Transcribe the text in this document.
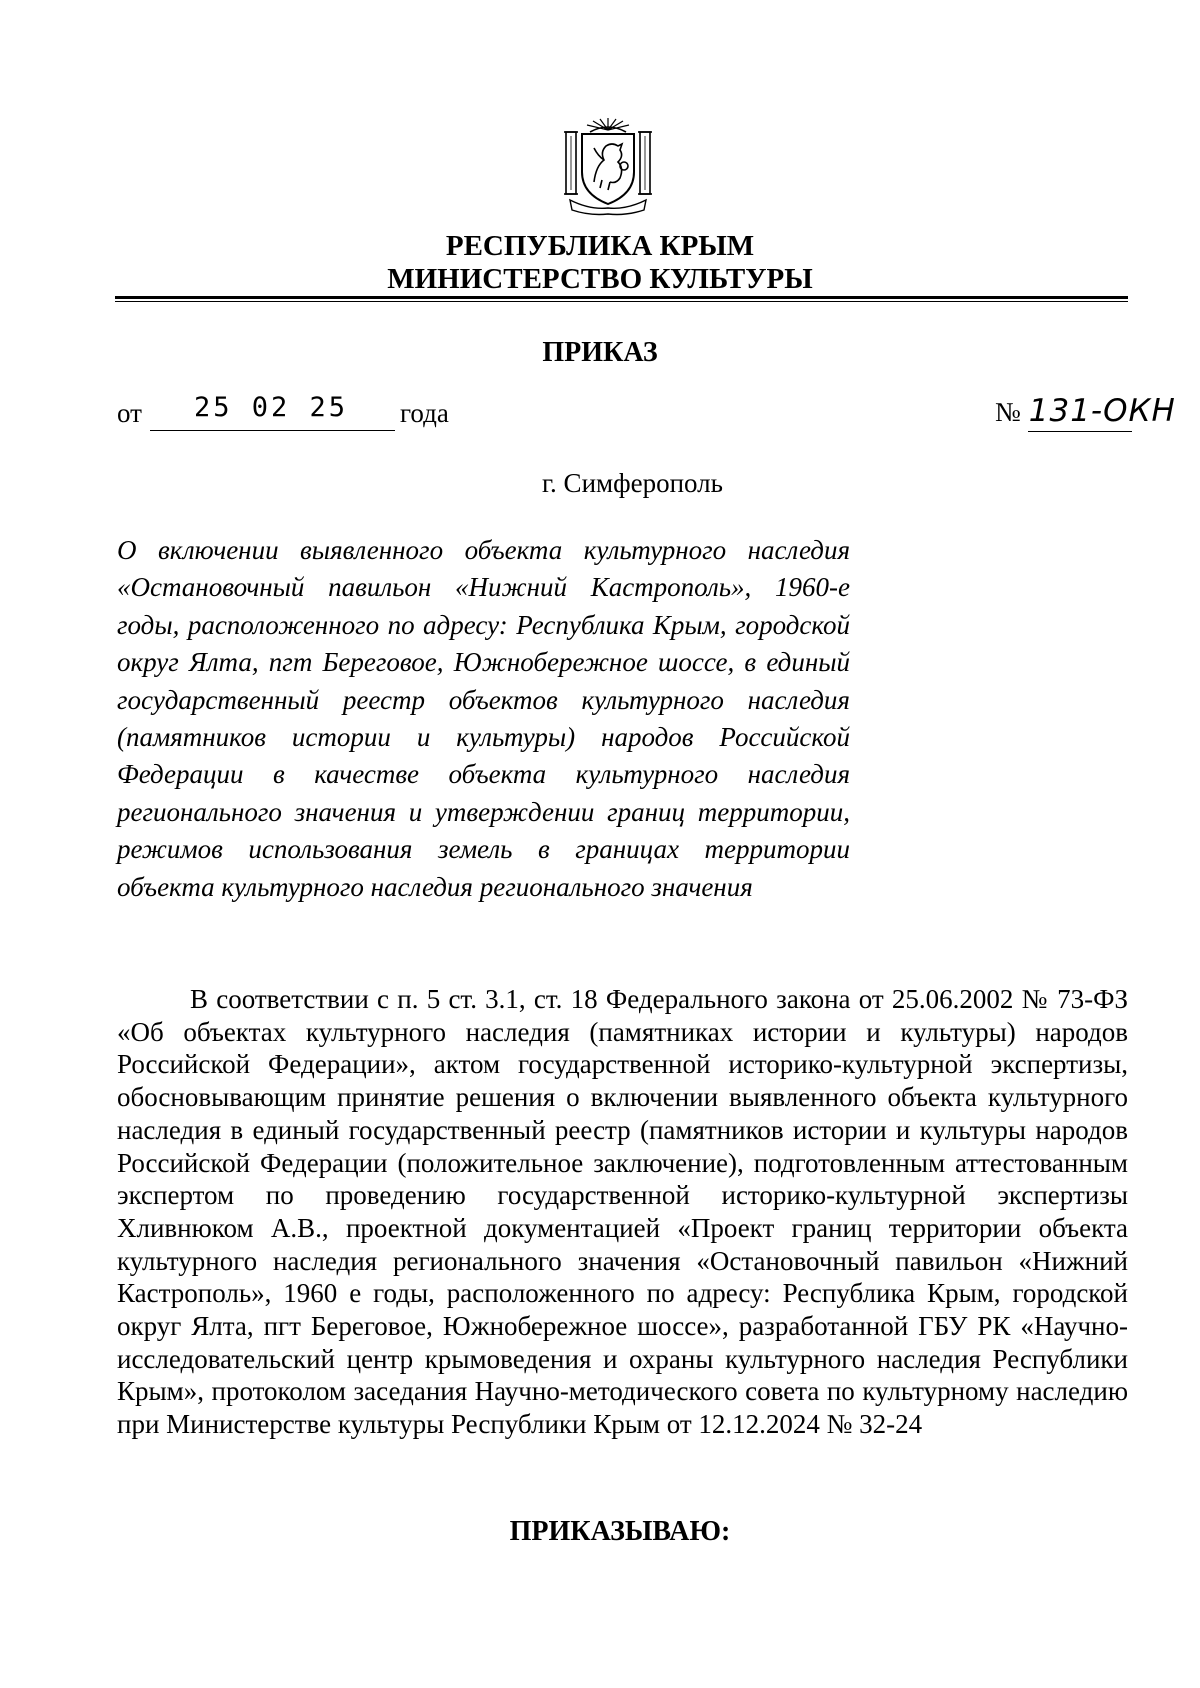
РЕСПУБЛИКА КРЫМ
МИНИСТЕРСТВО КУЛЬТУРЫ
ПРИКАЗ
от	25 02 25	года	№ 131-ОКН
г. Симферополь
О включении выявленного объекта культурного наследия «Остановочный павильон «Нижний Кастрополь», 1960-е годы, расположенного по адресу: Республика Крым, городской округ Ялта, пгт Береговое, Южнобережное шоссе, в единый государственный реестр объектов культурного наследия (памятников истории и культуры) народов Российской Федерации в качестве объекта культурного наследия регионального значения и утверждении границ территории, режимов использования земель в границах территории объекта культурного наследия регионального значения
В соответствии с п. 5 ст. 3.1, ст. 18 Федерального закона от 25.06.2002 № 73-ФЗ «Об объектах культурного наследия (памятниках истории и культуры) народов Российской Федерации», актом государственной историко-культурной экспертизы, обосновывающим принятие решения о включении выявленного объекта культурного наследия в единый государственный реестр (памятников истории и культуры народов Российской Федерации (положительное заключение), подготовленным аттестованным экспертом по проведению государственной историко-культурной экспертизы Хливнюком А.В., проектной документацией «Проект границ территории объекта культурного наследия регионального значения «Остановочный павильон «Нижний Кастрополь», 1960 е годы, расположенного по адресу: Республика Крым, городской округ Ялта, пгт Береговое, Южнобережное шоссе», разработанной ГБУ РК «Научно-исследовательский центр крымоведения и охраны культурного наследия Республики Крым», протоколом заседания Научно-методического совета по культурному наследию при Министерстве культуры Республики Крым от 12.12.2024 № 32-24
ПРИКАЗЫВАЮ:
